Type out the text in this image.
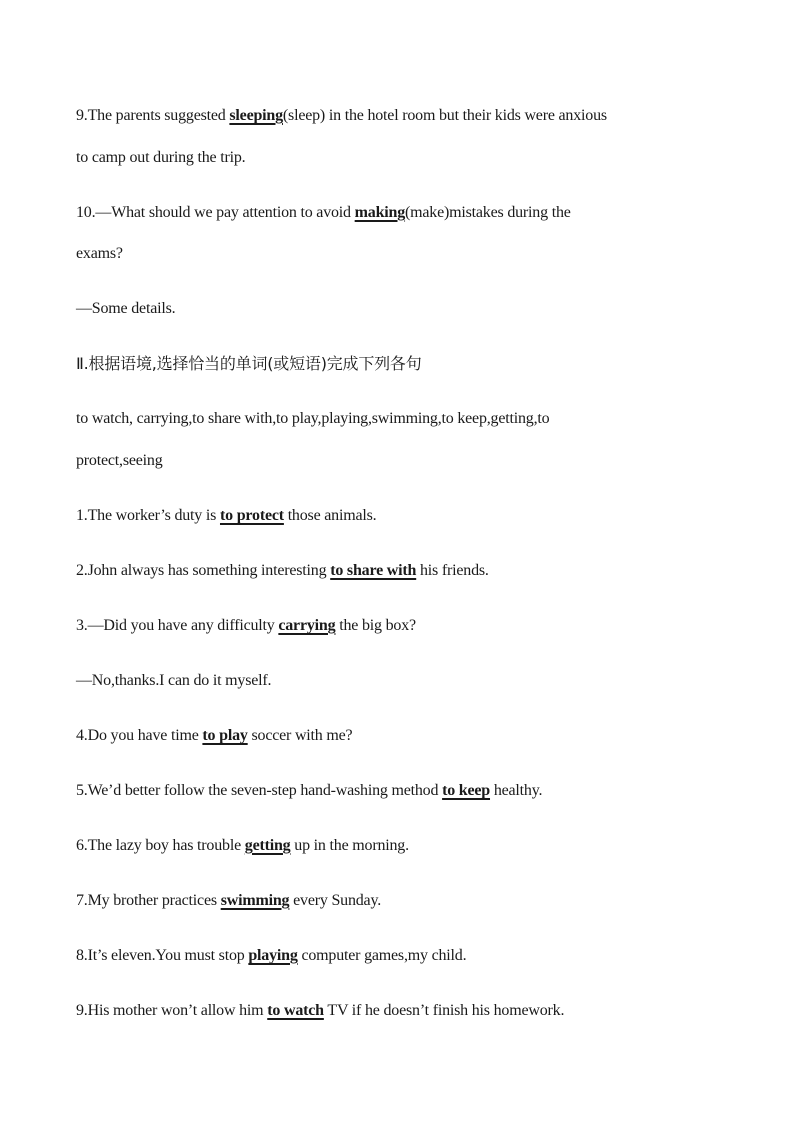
9.The parents suggested sleeping(sleep) in the hotel room but their kids were anxious
to camp out during the trip.
10.—What should we pay attention to avoid making(make)mistakes during the
exams?
—Some details.
Ⅱ.根据语境,选择恰当的单词(或短语)完成下列各句
to watch, carrying,to share with,to play,playing,swimming,to keep,getting,to
protect,seeing
1.The worker’s duty is to protect those animals.
2.John always has something interesting to share with his friends.
3.—Did you have any difficulty carrying the big box?
—No,thanks.I can do it myself.
4.Do you have time to play soccer with me?
5.We’d better follow the seven-step hand-washing method to keep healthy.
6.The lazy boy has trouble getting up in the morning.
7.My brother practices swimming every Sunday.
8.It’s eleven.You must stop playing computer games,my child.
9.His mother won’t allow him to watch TV if he doesn’t finish his homework.
